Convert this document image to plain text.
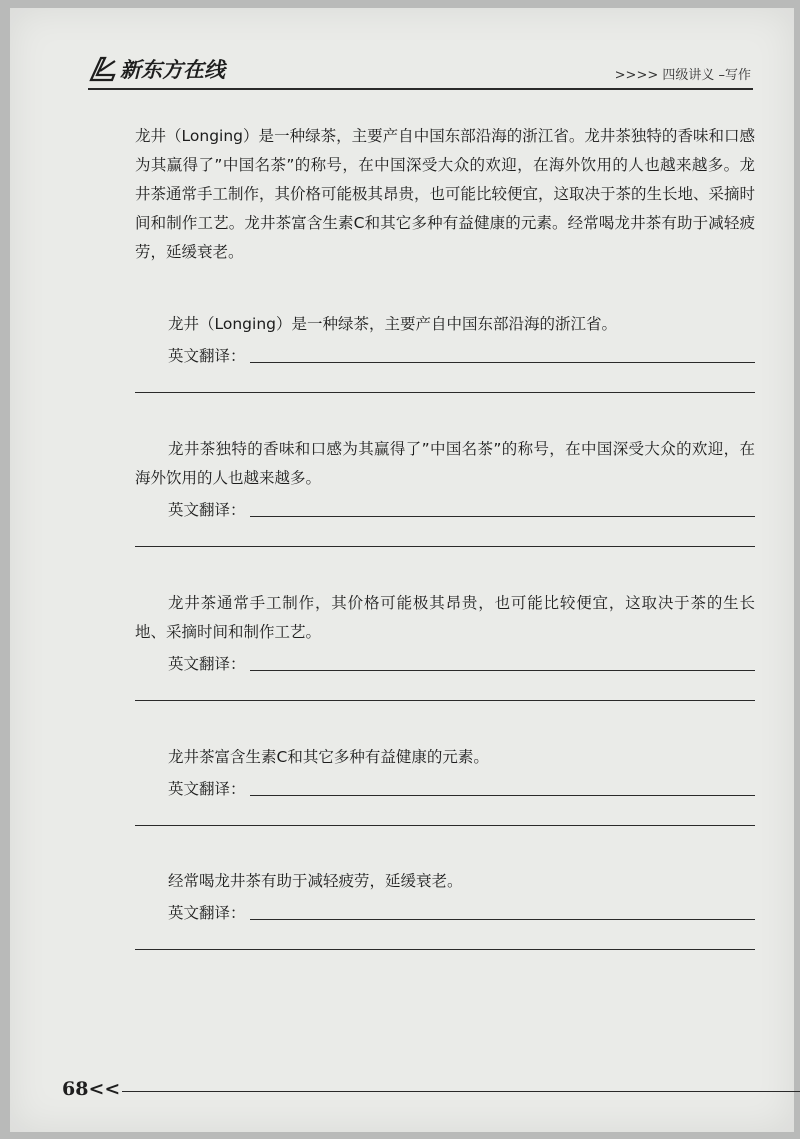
新东方在线	>>>> 四级讲义 –写作

龙井（Longing）是一种绿茶，主要产自中国东部沿海的浙江省。龙井茶独特的香味和口感为其赢得了”中国名茶”的称号，在中国深受大众的欢迎，在海外饮用的人也越来越多。龙井茶通常手工制作，其价格可能极其昂贵，也可能比较便宜，这取决于茶的生长地、采摘时间和制作工艺。龙井茶富含生素C和其它多种有益健康的元素。经常喝龙井茶有助于减轻疲劳，延缓衰老。

龙井（Longing）是一种绿茶，主要产自中国东部沿海的浙江省。

英文翻译：

龙井茶独特的香味和口感为其赢得了”中国名茶”的称号，在中国深受大众的欢迎，在海外饮用的人也越来越多。

英文翻译：

龙井茶通常手工制作，其价格可能极其昂贵，也可能比较便宜，这取决于茶的生长地、采摘时间和制作工艺。

英文翻译：

龙井茶富含生素C和其它多种有益健康的元素。

英文翻译：

经常喝龙井茶有助于减轻疲劳，延缓衰老。

英文翻译：
68<<
